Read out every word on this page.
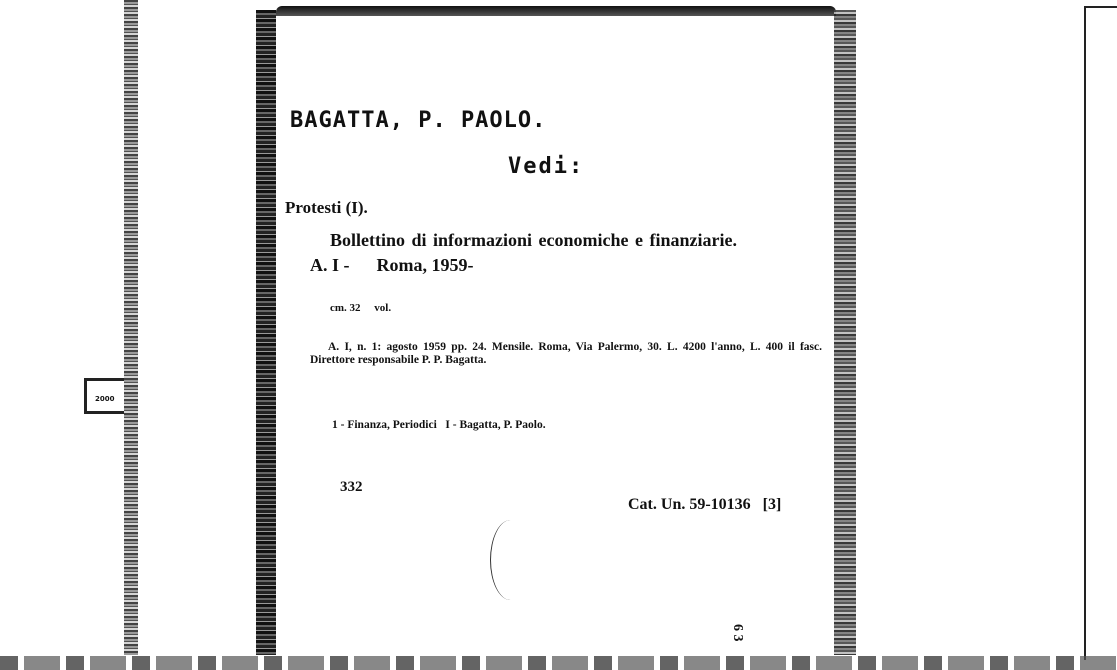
2000
BAGATTA, P. PAOLO.
Vedi:
Protesti (I).
Bollettino di informazioni economiche e finanziarie.
A. I -      Roma, 1959-
cm. 32     vol.
A. I, n. 1: agosto 1959 pp. 24. Mensile. Roma, Via Palermo, 30. L. 4200 l'anno, L. 400 il fasc. Direttore responsabile P. P. Bagatta.
1 - Finanza, Periodici   I - Bagatta, P. Paolo.
332
Cat. Un. 59-10136   [3]
6 3
